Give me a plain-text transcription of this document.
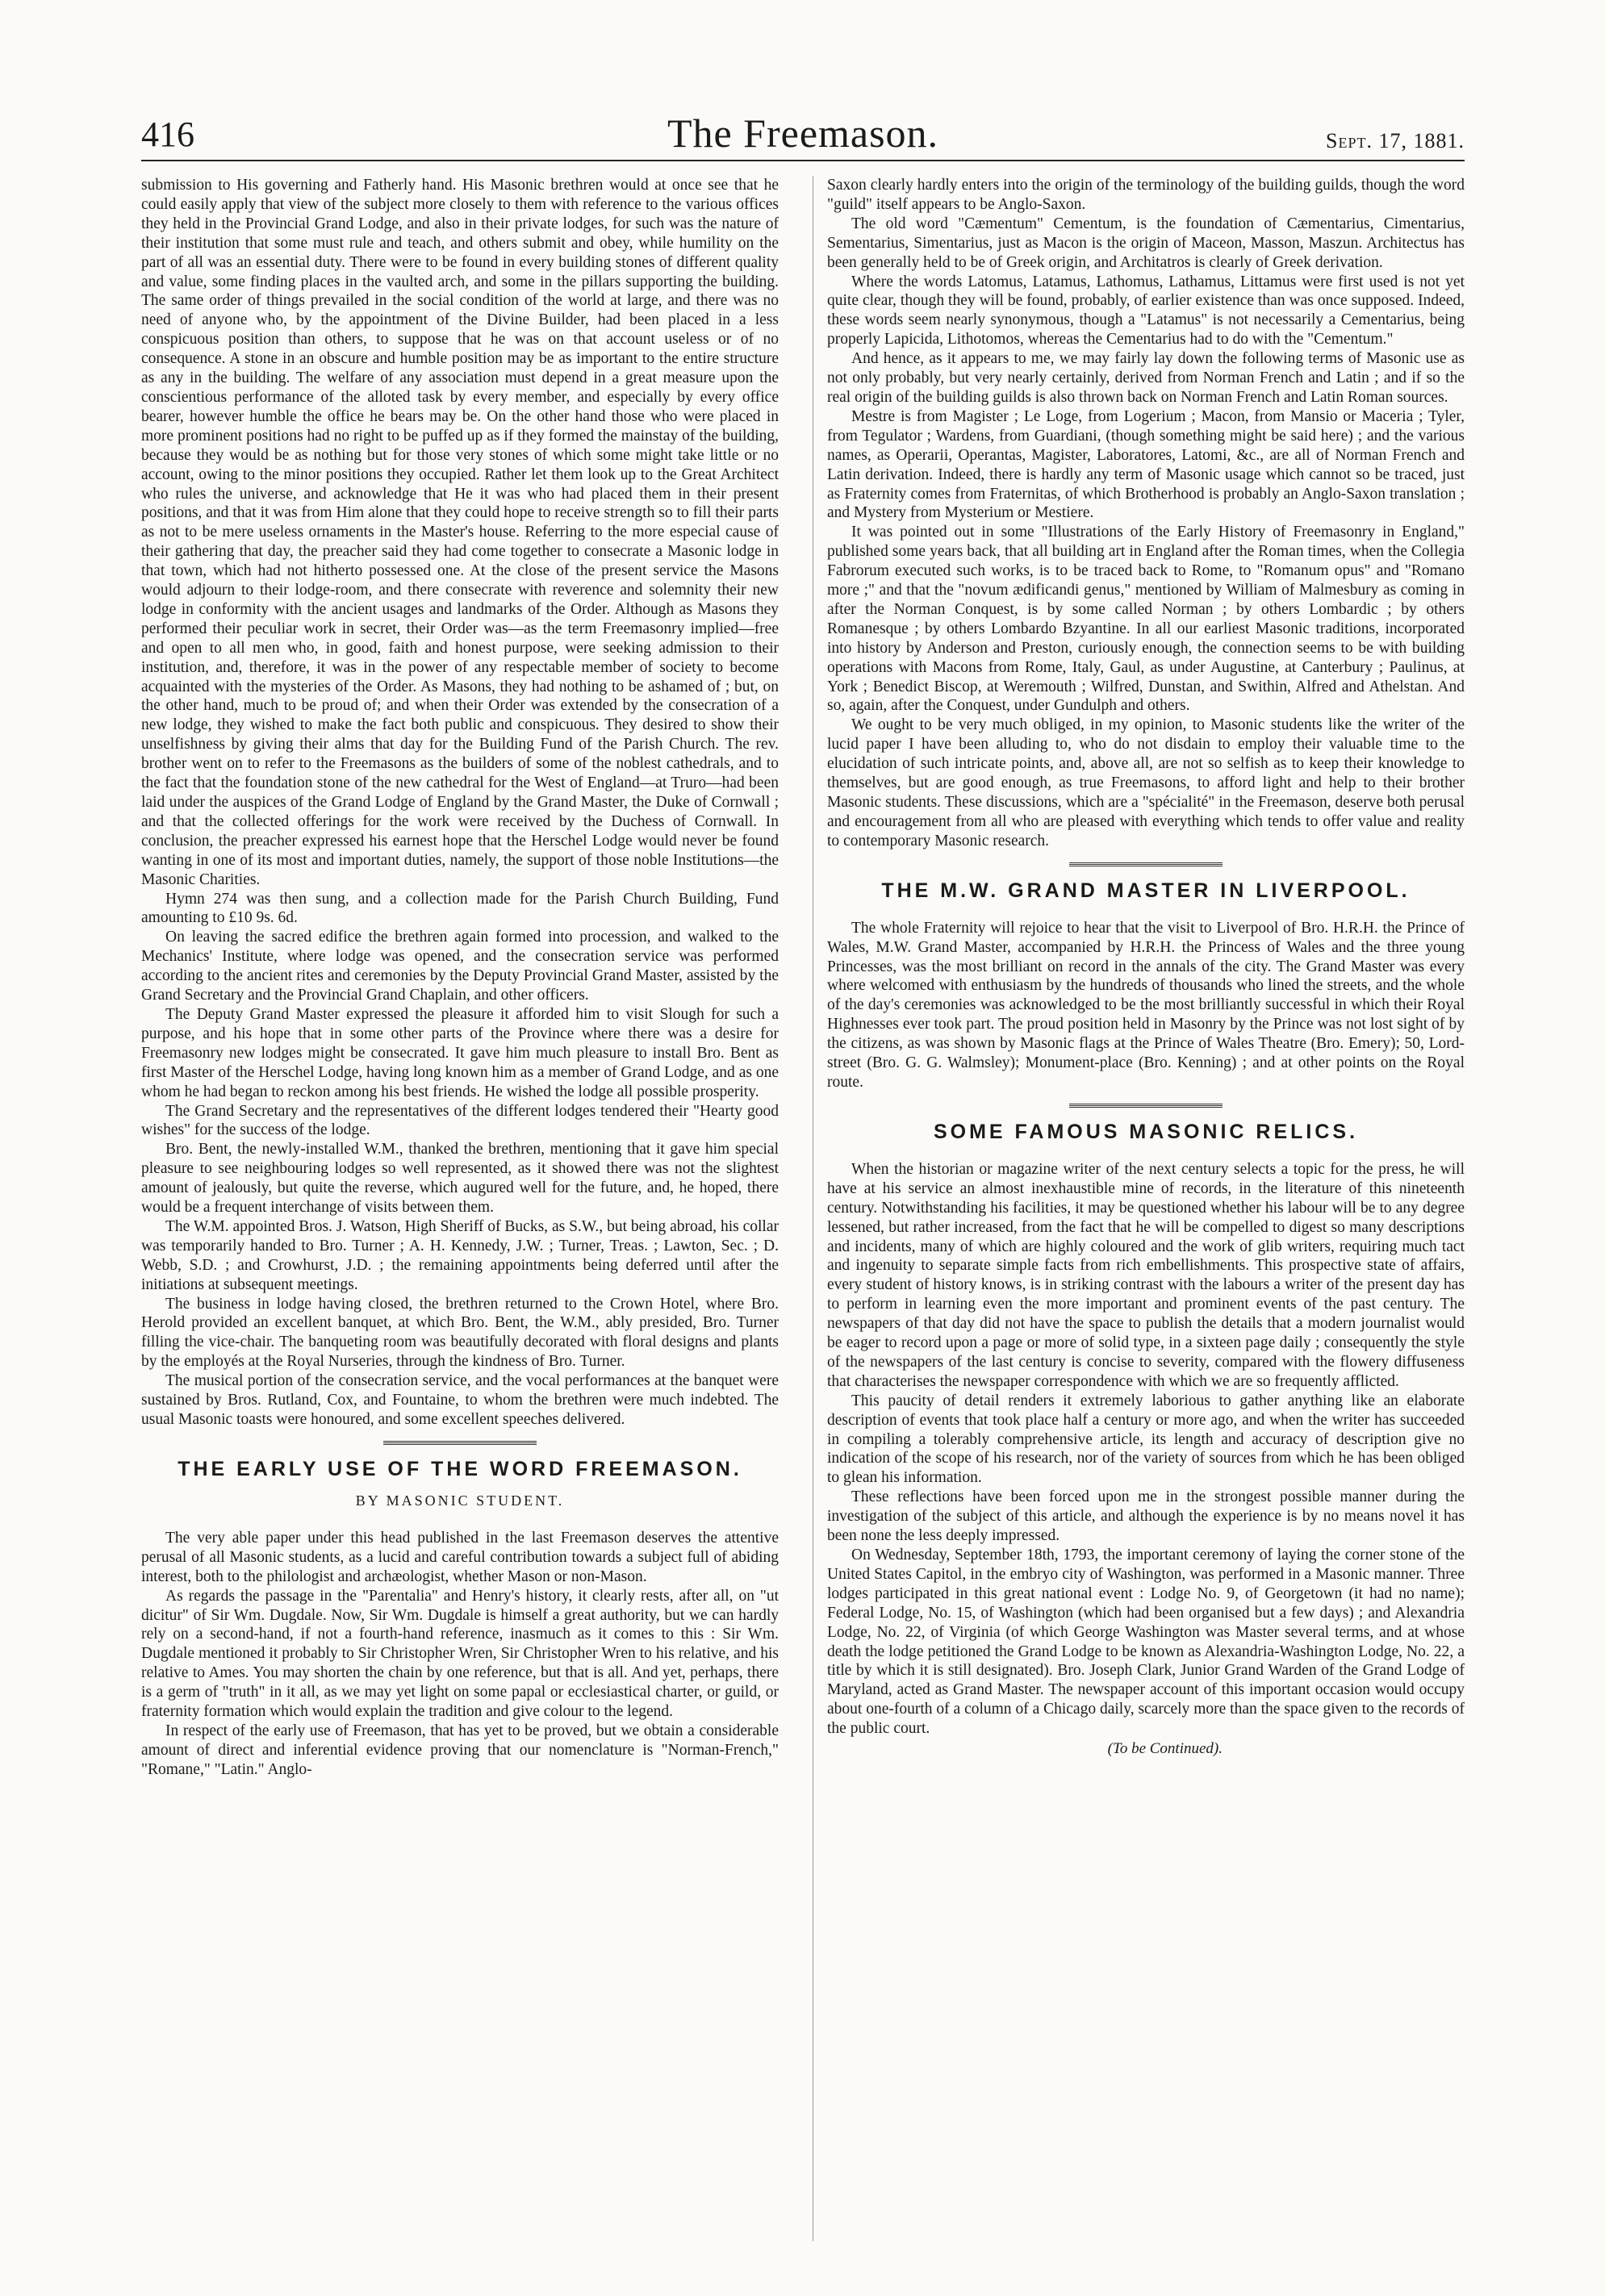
416	The Freemason.	Sept. 17, 1881.

submission to His governing and Fatherly hand. His Masonic brethren would at once see that he could easily apply that view of the subject more closely to them with reference to the various offices they held in the Provincial Grand Lodge, and also in their private lodges, for such was the nature of their institution that some must rule and teach, and others submit and obey, while humility on the part of all was an essential duty. There were to be found in every building stones of different quality and value, some finding places in the vaulted arch, and some in the pillars supporting the building. The same order of things prevailed in the social condition of the world at large, and there was no need of anyone who, by the appointment of the Divine Builder, had been placed in a less conspicuous position than others, to suppose that he was on that account useless or of no consequence. A stone in an obscure and humble position may be as important to the entire structure as any in the building. The welfare of any association must depend in a great measure upon the conscientious performance of the alloted task by every member, and especially by every office bearer, however humble the office he bears may be. On the other hand those who were placed in more prominent positions had no right to be puffed up as if they formed the mainstay of the building, because they would be as nothing but for those very stones of which some might take little or no account, owing to the minor positions they occupied. Rather let them look up to the Great Architect who rules the universe, and acknowledge that He it was who had placed them in their present positions, and that it was from Him alone that they could hope to receive strength so to fill their parts as not to be mere useless ornaments in the Master's house. Referring to the more especial cause of their gathering that day, the preacher said they had come together to consecrate a Masonic lodge in that town, which had not hitherto possessed one. At the close of the present service the Masons would adjourn to their lodge-room, and there consecrate with reverence and solemnity their new lodge in conformity with the ancient usages and landmarks of the Order. Although as Masons they performed their peculiar work in secret, their Order was—as the term Freemasonry implied—free and open to all men who, in good, faith and honest purpose, were seeking admission to their institution, and, therefore, it was in the power of any respectable member of society to become acquainted with the mysteries of the Order. As Masons, they had nothing to be ashamed of ; but, on the other hand, much to be proud of; and when their Order was extended by the consecration of a new lodge, they wished to make the fact both public and conspicuous. They desired to show their unselfishness by giving their alms that day for the Building Fund of the Parish Church. The rev. brother went on to refer to the Freemasons as the builders of some of the noblest cathedrals, and to the fact that the foundation stone of the new cathedral for the West of England—at Truro—had been laid under the auspices of the Grand Lodge of England by the Grand Master, the Duke of Cornwall ; and that the collected offerings for the work were received by the Duchess of Cornwall. In conclusion, the preacher expressed his earnest hope that the Herschel Lodge would never be found wanting in one of its most and important duties, namely, the support of those noble Institutions—the Masonic Charities.

Hymn 274 was then sung, and a collection made for the Parish Church Building, Fund amounting to £10 9s. 6d.

On leaving the sacred edifice the brethren again formed into procession, and walked to the Mechanics' Institute, where lodge was opened, and the consecration service was performed according to the ancient rites and ceremonies by the Deputy Provincial Grand Master, assisted by the Grand Secretary and the Provincial Grand Chaplain, and other officers.

The Deputy Grand Master expressed the pleasure it afforded him to visit Slough for such a purpose, and his hope that in some other parts of the Province where there was a desire for Freemasonry new lodges might be consecrated. It gave him much pleasure to install Bro. Bent as first Master of the Herschel Lodge, having long known him as a member of Grand Lodge, and as one whom he had began to reckon among his best friends. He wished the lodge all possible prosperity.

The Grand Secretary and the representatives of the different lodges tendered their "Hearty good wishes" for the success of the lodge.

Bro. Bent, the newly-installed W.M., thanked the brethren, mentioning that it gave him special pleasure to see neighbouring lodges so well represented, as it showed there was not the slightest amount of jealously, but quite the reverse, which augured well for the future, and, he hoped, there would be a frequent interchange of visits between them.

The W.M. appointed Bros. J. Watson, High Sheriff of Bucks, as S.W., but being abroad, his collar was temporarily handed to Bro. Turner ; A. H. Kennedy, J.W. ; Turner, Treas. ; Lawton, Sec. ; D. Webb, S.D. ; and Crowhurst, J.D. ; the remaining appointments being deferred until after the initiations at subsequent meetings.

The business in lodge having closed, the brethren returned to the Crown Hotel, where Bro. Herold provided an excellent banquet, at which Bro. Bent, the W.M., ably presided, Bro. Turner filling the vice-chair. The banqueting room was beautifully decorated with floral designs and plants by the employés at the Royal Nurseries, through the kindness of Bro. Turner.

The musical portion of the consecration service, and the vocal performances at the banquet were sustained by Bros. Rutland, Cox, and Fountaine, to whom the brethren were much indebted. The usual Masonic toasts were honoured, and some excellent speeches delivered.

THE EARLY USE OF THE WORD FREEMASON.
BY MASONIC STUDENT.

The very able paper under this head published in the last Freemason deserves the attentive perusal of all Masonic students, as a lucid and careful contribution towards a subject full of abiding interest, both to the philologist and archæologist, whether Mason or non-Mason.

As regards the passage in the "Parentalia" and Henry's history, it clearly rests, after all, on "ut dicitur" of Sir Wm. Dugdale. Now, Sir Wm. Dugdale is himself a great authority, but we can hardly rely on a second-hand, if not a fourth-hand reference, inasmuch as it comes to this : Sir Wm. Dugdale mentioned it probably to Sir Christopher Wren, Sir Christopher Wren to his relative, and his relative to Ames. You may shorten the chain by one reference, but that is all. And yet, perhaps, there is a germ of "truth" in it all, as we may yet light on some papal or ecclesiastical charter, or guild, or fraternity formation which would explain the tradition and give colour to the legend.

In respect of the early use of Freemason, that has yet to be proved, but we obtain a considerable amount of direct and inferential evidence proving that our nomenclature is "Norman-French," "Romane," "Latin." Anglo-

Saxon clearly hardly enters into the origin of the terminology of the building guilds, though the word "guild" itself appears to be Anglo-Saxon.

The old word "Cæmentum" Cementum, is the foundation of Cæmentarius, Cimentarius, Sementarius, Simentarius, just as Macon is the origin of Maceon, Masson, Maszun. Architectus has been generally held to be of Greek origin, and Architatros is clearly of Greek derivation.

Where the words Latomus, Latamus, Lathomus, Lathamus, Littamus were first used is not yet quite clear, though they will be found, probably, of earlier existence than was once supposed. Indeed, these words seem nearly synonymous, though a "Latamus" is not necessarily a Cementarius, being properly Lapicida, Lithotomos, whereas the Cementarius had to do with the "Cementum."

And hence, as it appears to me, we may fairly lay down the following terms of Masonic use as not only probably, but very nearly certainly, derived from Norman French and Latin ; and if so the real origin of the building guilds is also thrown back on Norman French and Latin Roman sources.

Mestre is from Magister ; Le Loge, from Logerium ; Macon, from Mansio or Maceria ; Tyler, from Tegulator ; Wardens, from Guardiani, (though something might be said here) ; and the various names, as Operarii, Operantas, Magister, Laboratores, Latomi, &c., are all of Norman French and Latin derivation. Indeed, there is hardly any term of Masonic usage which cannot so be traced, just as Fraternity comes from Fraternitas, of which Brotherhood is probably an Anglo-Saxon translation ; and Mystery from Mysterium or Mestiere.

It was pointed out in some "Illustrations of the Early History of Freemasonry in England," published some years back, that all building art in England after the Roman times, when the Collegia Fabrorum executed such works, is to be traced back to Rome, to "Romanum opus" and "Romano more ;" and that the "novum ædificandi genus," mentioned by William of Malmesbury as coming in after the Norman Conquest, is by some called Norman ; by others Lombardic ; by others Romanesque ; by others Lombardo Bzyantine. In all our earliest Masonic traditions, incorporated into history by Anderson and Preston, curiously enough, the connection seems to be with building operations with Macons from Rome, Italy, Gaul, as under Augustine, at Canterbury ; Paulinus, at York ; Benedict Biscop, at Weremouth ; Wilfred, Dunstan, and Swithin, Alfred and Athelstan. And so, again, after the Conquest, under Gundulph and others.

We ought to be very much obliged, in my opinion, to Masonic students like the writer of the lucid paper I have been alluding to, who do not disdain to employ their valuable time to the elucidation of such intricate points, and, above all, are not so selfish as to keep their knowledge to themselves, but are good enough, as true Freemasons, to afford light and help to their brother Masonic students. These discussions, which are a "spécialité" in the Freemason, deserve both perusal and encouragement from all who are pleased with everything which tends to offer value and reality to contemporary Masonic research.

THE M.W. GRAND MASTER IN LIVERPOOL.

The whole Fraternity will rejoice to hear that the visit to Liverpool of Bro. H.R.H. the Prince of Wales, M.W. Grand Master, accompanied by H.R.H. the Princess of Wales and the three young Princesses, was the most brilliant on record in the annals of the city. The Grand Master was every where welcomed with enthusiasm by the hundreds of thousands who lined the streets, and the whole of the day's ceremonies was acknowledged to be the most brilliantly successful in which their Royal Highnesses ever took part. The proud position held in Masonry by the Prince was not lost sight of by the citizens, as was shown by Masonic flags at the Prince of Wales Theatre (Bro. Emery); 50, Lord-street (Bro. G. G. Walmsley); Monument-place (Bro. Kenning) ; and at other points on the Royal route.

SOME FAMOUS MASONIC RELICS.

When the historian or magazine writer of the next century selects a topic for the press, he will have at his service an almost inexhaustible mine of records, in the literature of this nineteenth century. Notwithstanding his facilities, it may be questioned whether his labour will be to any degree lessened, but rather increased, from the fact that he will be compelled to digest so many descriptions and incidents, many of which are highly coloured and the work of glib writers, requiring much tact and ingenuity to separate simple facts from rich embellishments. This prospective state of affairs, every student of history knows, is in striking contrast with the labours a writer of the present day has to perform in learning even the more important and prominent events of the past century. The newspapers of that day did not have the space to publish the details that a modern journalist would be eager to record upon a page or more of solid type, in a sixteen page daily ; consequently the style of the newspapers of the last century is concise to severity, compared with the flowery diffuseness that characterises the newspaper correspondence with which we are so frequently afflicted.

This paucity of detail renders it extremely laborious to gather anything like an elaborate description of events that took place half a century or more ago, and when the writer has succeeded in compiling a tolerably comprehensive article, its length and accuracy of description give no indication of the scope of his research, nor of the variety of sources from which he has been obliged to glean his information.

These reflections have been forced upon me in the strongest possible manner during the investigation of the subject of this article, and although the experience is by no means novel it has been none the less deeply impressed.

On Wednesday, September 18th, 1793, the important ceremony of laying the corner stone of the United States Capitol, in the embryo city of Washington, was performed in a Masonic manner. Three lodges participated in this great national event : Lodge No. 9, of Georgetown (it had no name); Federal Lodge, No. 15, of Washington (which had been organised but a few days) ; and Alexandria Lodge, No. 22, of Virginia (of which George Washington was Master several terms, and at whose death the lodge petitioned the Grand Lodge to be known as Alexandria-Washington Lodge, No. 22, a title by which it is still designated). Bro. Joseph Clark, Junior Grand Warden of the Grand Lodge of Maryland, acted as Grand Master. The newspaper account of this important occasion would occupy about one-fourth of a column of a Chicago daily, scarcely more than the space given to the records of the public court.

(To be Continued).
